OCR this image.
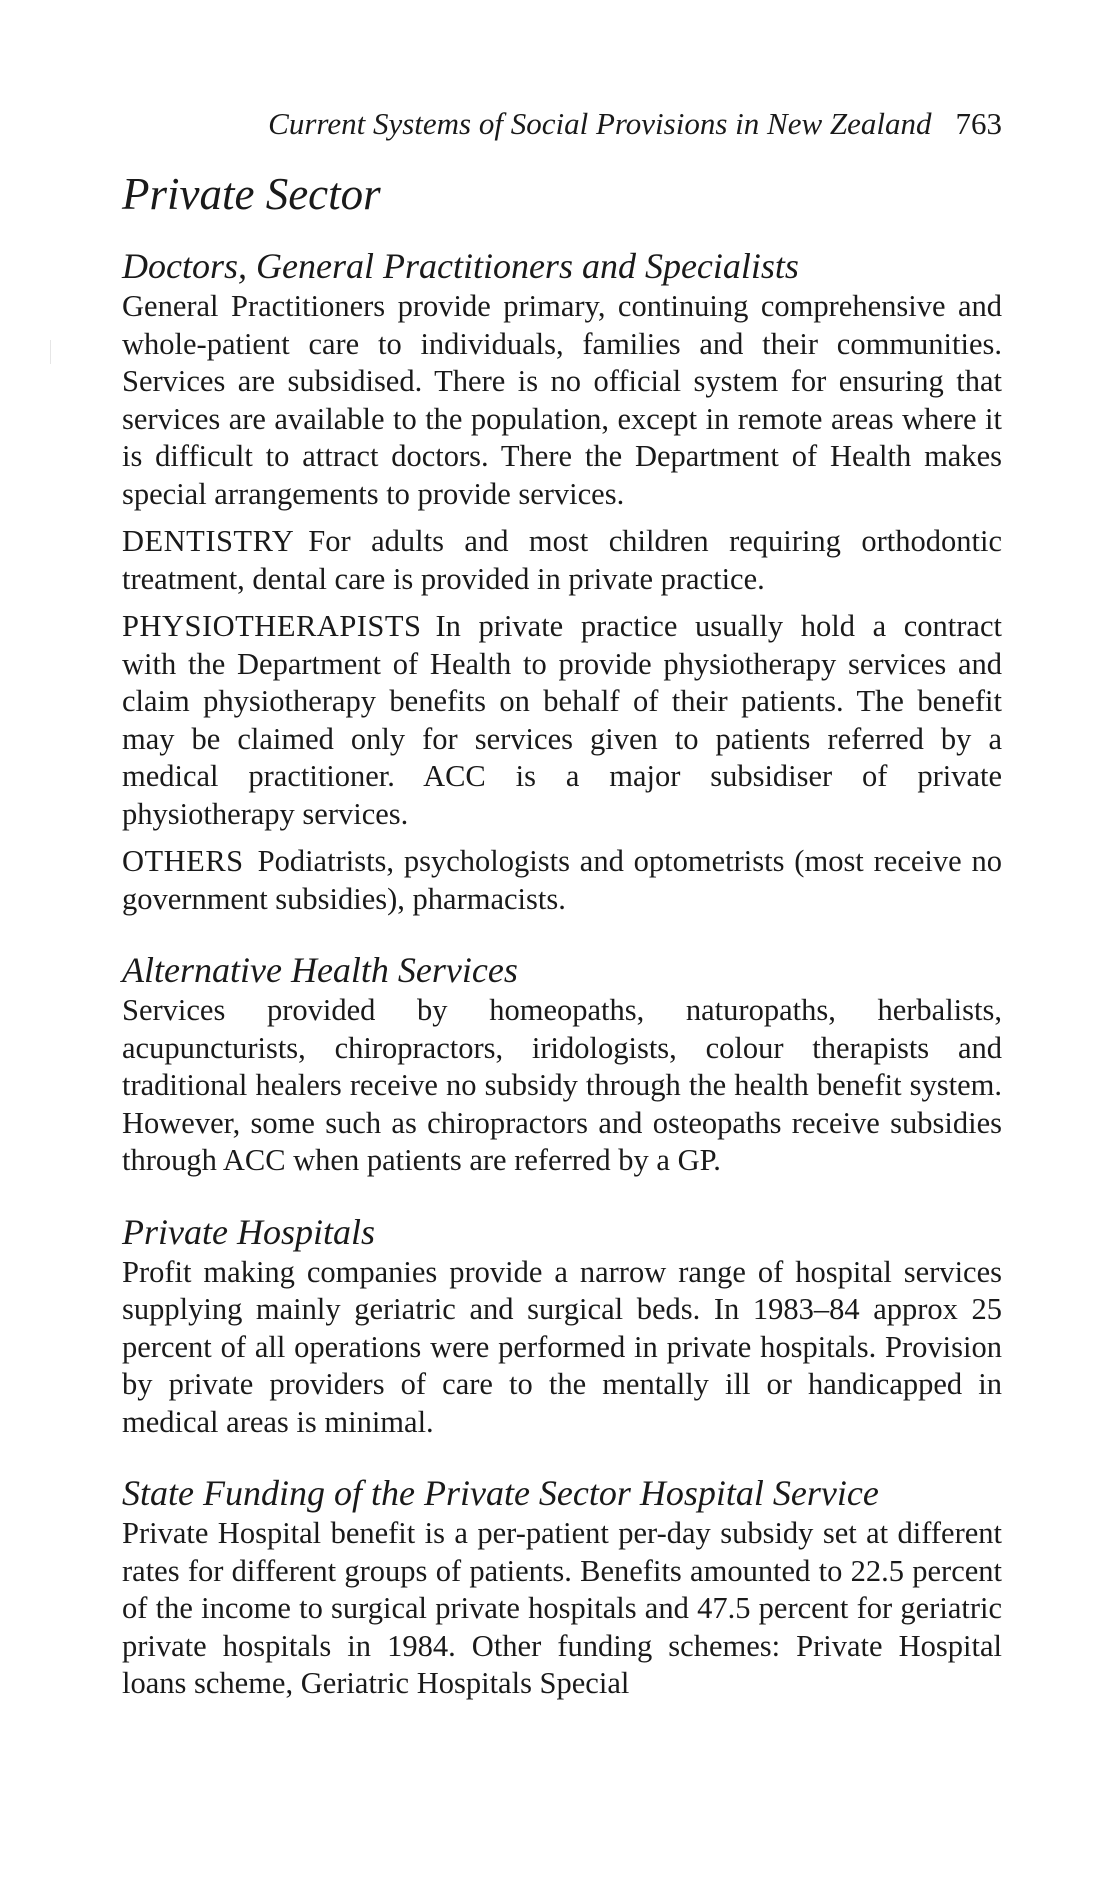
Current Systems of Social Provisions in New Zealand 763
Private Sector
Doctors, General Practitioners and Specialists

General Practitioners provide primary, continuing comprehensive and whole-patient care to individuals, families and their communities. Services are subsidised. There is no official system for ensuring that services are available to the population, except in remote areas where it is difficult to attract doctors. There the Department of Health makes special arrangements to provide services.

DENTISTRY For adults and most children requiring orthodontic treatment, dental care is provided in private practice.

PHYSIOTHERAPISTS In private practice usually hold a contract with the Department of Health to provide physiotherapy services and claim physiotherapy benefits on behalf of their patients. The benefit may be claimed only for services given to patients referred by a medical practitioner. ACC is a major subsidiser of private physiotherapy services.

OTHERS Podiatrists, psychologists and optometrists (most receive no government subsidies), pharmacists.

Alternative Health Services

Services provided by homeopaths, naturopaths, herbalists, acupuncturists, chiropractors, iridologists, colour therapists and traditional healers receive no subsidy through the health benefit system. However, some such as chiropractors and osteopaths receive subsidies through ACC when patients are referred by a GP.

Private Hospitals

Profit making companies provide a narrow range of hospital services supplying mainly geriatric and surgical beds. In 1983–84 approx 25 percent of all operations were performed in private hospitals. Provision by private providers of care to the mentally ill or handicapped in medical areas is minimal.

State Funding of the Private Sector Hospital Service

Private Hospital benefit is a per-patient per-day subsidy set at different rates for different groups of patients. Benefits amounted to 22.5 percent of the income to surgical private hospitals and 47.5 percent for geriatric private hospitals in 1984. Other funding schemes: Private Hospital loans scheme, Geriatric Hospitals Special
